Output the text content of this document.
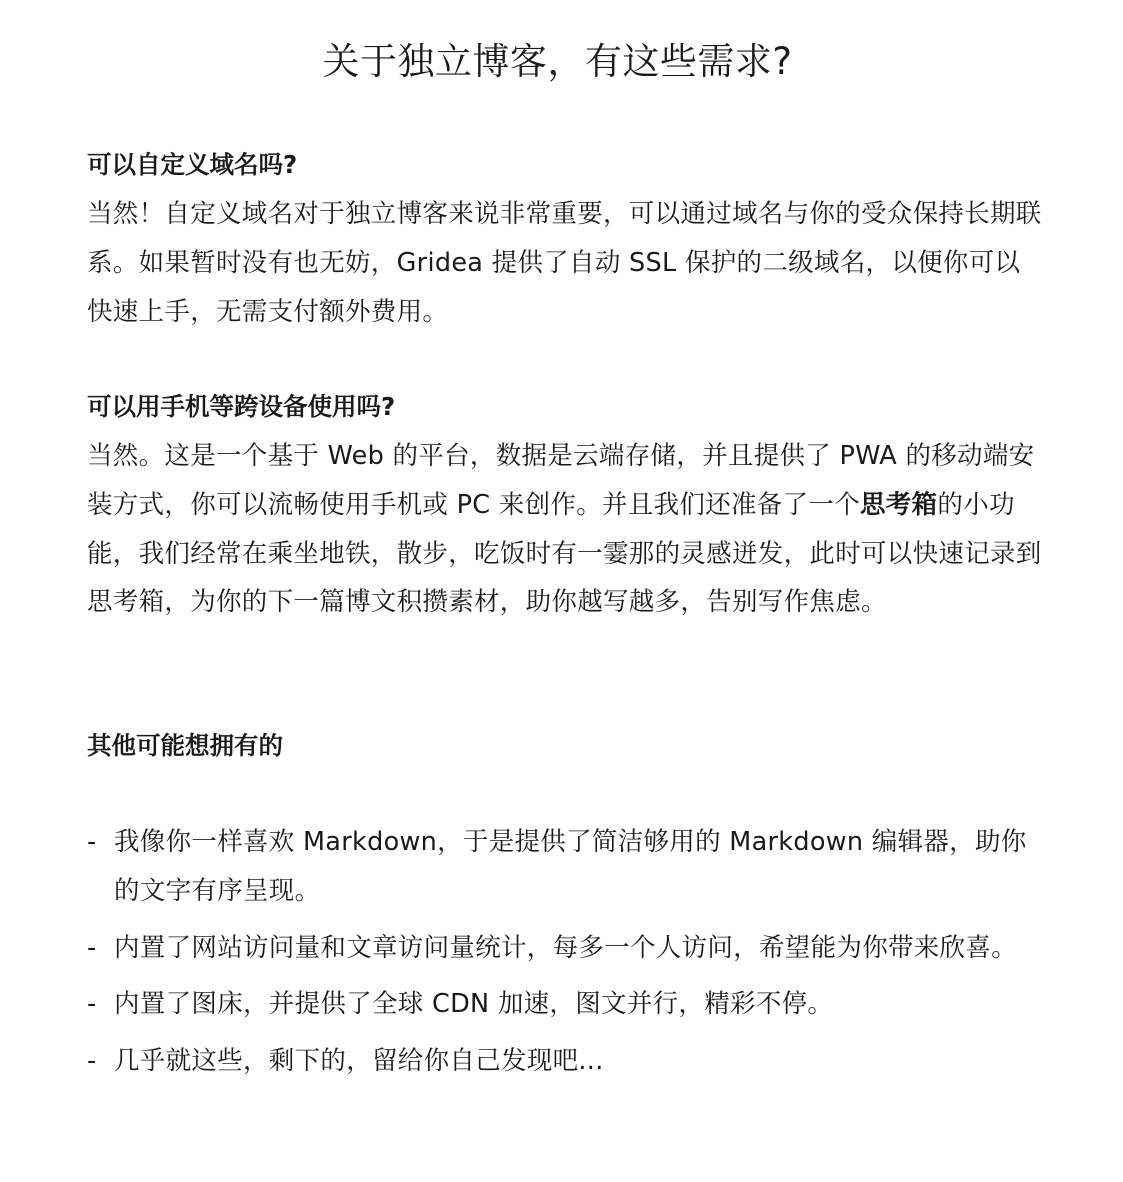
关于独立博客，有这些需求?
可以自定义域名吗?

当然！自定义域名对于独立博客来说非常重要，可以通过域名与你的受众保持长期联系。如果暂时没有也无妨，Gridea 提供了自动 SSL 保护的二级域名，以便你可以快速上手，无需支付额外费用。

可以用手机等跨设备使用吗?

当然。这是一个基于 Web 的平台，数据是云端存储，并且提供了 PWA 的移动端安装方式，你可以流畅使用手机或 PC 来创作。并且我们还准备了一个思考箱的小功能，我们经常在乘坐地铁，散步，吃饭时有一霎那的灵感迸发，此时可以快速记录到思考箱，为你的下一篇博文积攒素材，助你越写越多，告别写作焦虑。

其他可能想拥有的
- 我像你一样喜欢 Markdown，于是提供了简洁够用的 Markdown 编辑器，助你的文字有序呈现。
- 内置了网站访问量和文章访问量统计，每多一个人访问，希望能为你带来欣喜。
- 内置了图床，并提供了全球 CDN 加速，图文并行，精彩不停。
- 几乎就这些，剩下的，留给你自己发现吧...
